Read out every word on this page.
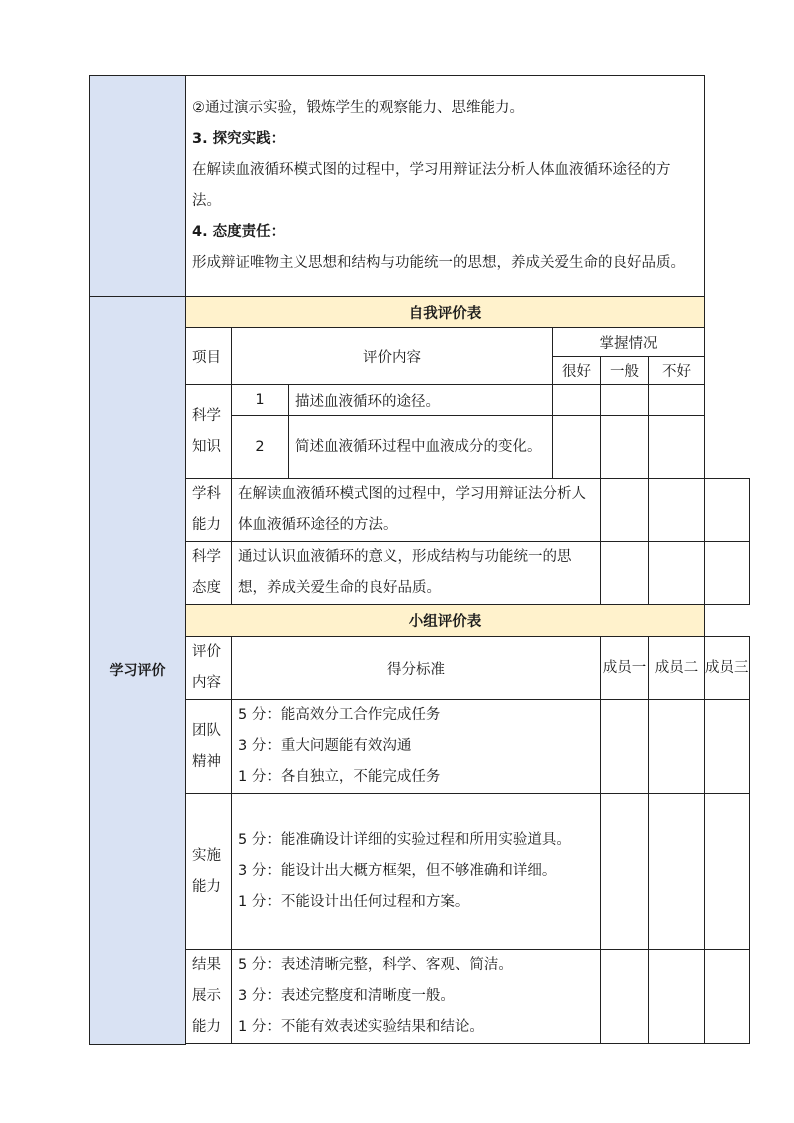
	②通过演示实验，锻炼学生的观察能力、思维能力。

3. 探究实践：

在解读血液循环模式图的过程中，学习用辩证法分析人体血液循环途径的方法。

4. 态度责任：

形成辩证唯物主义思想和结构与功能统一的思想，养成关爱生命的良好品质。						

学习评价	自我评价表						
	项目	评价内容		掌握情况			
				很好	一般	不好	
	科学知识	1	描述血液循环的途径。				
		2	简述血液循环过程中血液成分的变化。				
	学科能力	在解读血液循环模式图的过程中，学习用辩证法分析人体血液循环途径的方法。					
	科学态度	通过认识血液循环的意义，形成结构与功能统一的思想，养成关爱生命的良好品质。					
	小组评价表						
	评价内容	得分标准			成员一	成员二	成员三
	团队精神	5 分：能高效分工合作完成任务
3 分：重大问题能有效沟通
1 分：各自独立，不能完成任务					

	实施能力	5 分：能准确设计详细的实验过程和所用实验道具。
3 分：能设计出大概方框架，但不够准确和详细。
1 分：不能设计出任何过程和方案。					

	结果展示能力	5 分：表述清晰完整，科学、客观、简洁。
3 分：表述完整度和清晰度一般。
1 分：不能有效表述实验结果和结论。					
